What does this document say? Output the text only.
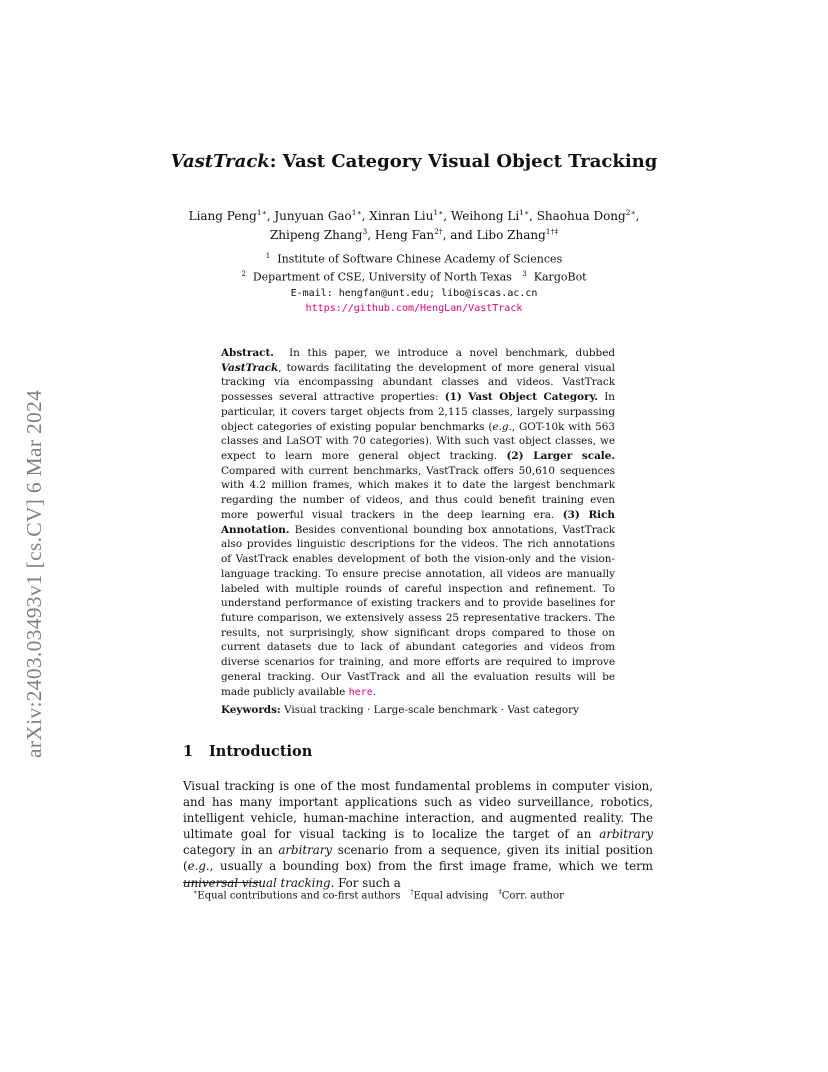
arXiv:2403.03493v1 [cs.CV] 6 Mar 2024
VastTrack: Vast Category Visual Object Tracking
Liang Peng$^{1∗}$, Junyuan Gao$^{1∗}$, Xinran Liu$^{1∗}$, Weihong $Li^{1∗}$, Shaohua Dong$^{2∗}$,
Zhipeng Zhang$^3$, Heng Fan$^{2\dagger}$, and Libo Zhang$^{1\dagger\ddagger}$
$^1$ Institute of Software Chinese Academy of Sciences
$^2$ Department of CSE, University of North Texas $^3$ KargoBot
E-mail: hengfan@unt.edu; libo@iscas.ac.cn
https://github.com/HengLan/VastTrack
Abstract. In this paper, we introduce a novel benchmark, dubbed VastTrack, towards facilitating the development of more general visual tracking via encompassing abundant classes and videos. VastTrack possesses several attractive properties: (1) Vast Object Category. In particular, it covers target objects from 2,115 classes, largely surpassing object categories of existing popular benchmarks (e.g., GOT-10k with 563 classes and LaSOT with 70 categories). With such vast object classes, we expect to learn more general object tracking. (2) Larger scale. Compared with current benchmarks, VastTrack offers 50,610 sequences with 4.2 million frames, which makes it to date the largest benchmark regarding the number of videos, and thus could benefit training even more powerful visual trackers in the deep learning era. (3) Rich Annotation. Besides conventional bounding box annotations, VastTrack also provides linguistic descriptions for the videos. The rich annotations of VastTrack enables development of both the vision-only and the vision-language tracking. To ensure precise annotation, all videos are manually labeled with multiple rounds of careful inspection and refinement. To understand performance of existing trackers and to provide baselines for future comparison, we extensively assess 25 representative trackers. The results, not surprisingly, show significant drops compared to those on current datasets due to lack of abundant categories and videos from diverse scenarios for training, and more efforts are required to improve general tracking. Our VastTrack and all the evaluation results will be made publicly available here.
Keywords: Visual tracking · Large-scale benchmark · Vast category
1 Introduction
Visual tracking is one of the most fundamental problems in computer vision, and has many important applications such as video surveillance, robotics, intelligent vehicle, human-machine interaction, and augmented reality. The ultimate goal for visual tacking is to localize the target of an arbitrary category in an arbitrary scenario from a sequence, given its initial position (e.g., usually a bounding box) from the first image frame, which we term universal visual tracking. For such a
∗Equal contributions and co-first authors †Equal advising ‡Corr. author
